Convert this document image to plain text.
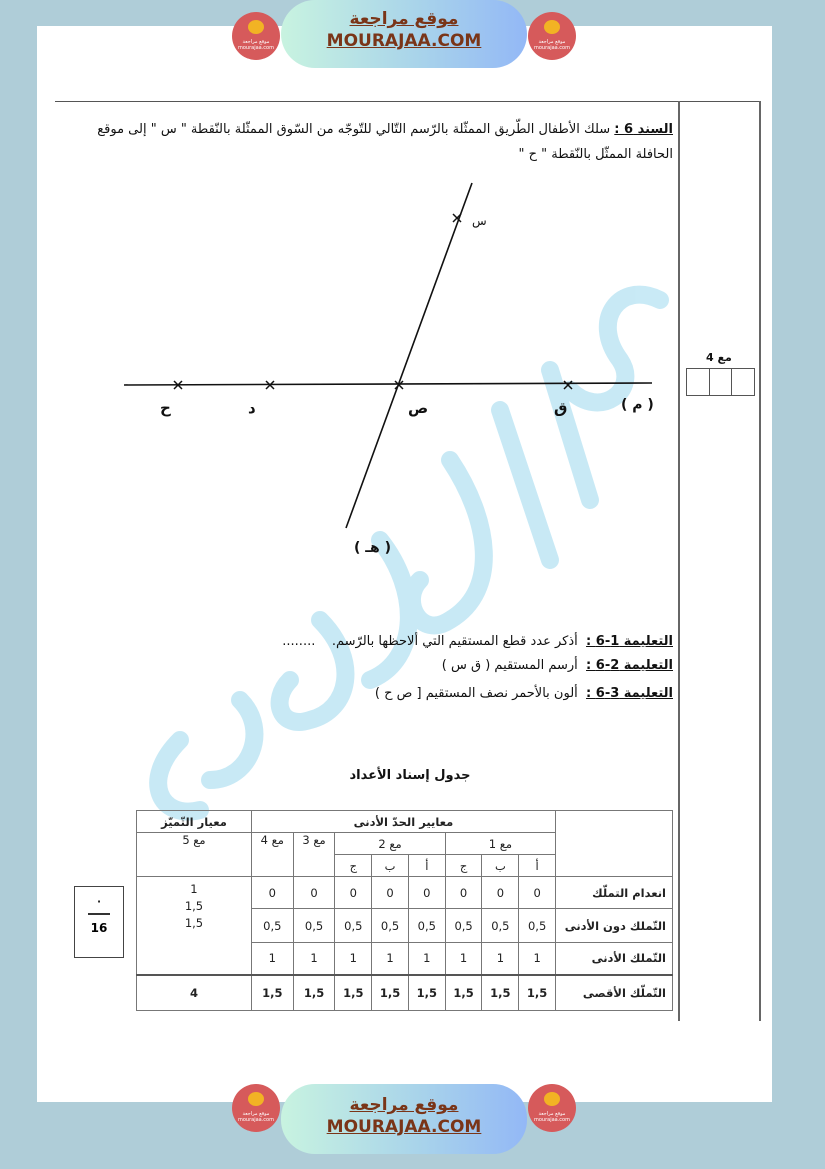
موقع مراجعة mourajaa.com
موقع مراجعة
MOURAJAA.COM	موقع مراجعة mourajaa.com
السند 6 : سلك الأطفال الطّريق الممثّلة بالرّسم التّالي للتّوجّه من السّوق الممثّلة بالنّقطة " س " إلى موقع الحافلة الممثّل بالنّقطة " ح "
س
ق
ص
د
ح	( م )
( هـ )
مع 4
التعليمة 1-6 :  أذكر عدد قطع المستقيم التي ألاحظها بالرّسم.    ........
التعليمة 2-6 :  أرسم المستقيم ( ق س )
التعليمة 3-6 :  ألون بالأحمر نصف المستقيم [ ص ح )
جدول إسناد الأعداد
	معايير الحدّ الأدنى								معيار التّميّز
	مع 1			مع 2			مع 3	مع 4	مع 5
	أ	ب	ج	أ	ب	ج			
انعدام التملّك	0	0	0	0	0	0	0	0	1
1,5
1,5

التّملك دون الأدنى	0,5	0,5	0,5	0,5	0,5	0,5	0,5	0,5	
التّملك الأدنى	1	1	1	1	1	1	1	1	
التّملّك الأقصى	1,5	1,5	1,5	1,5	1,5	1,5	1,5	1,5	4
·
16
موقع مراجعة mourajaa.com
موقع مراجعة
MOURAJAA.COM
موقع مراجعة mourajaa.com
